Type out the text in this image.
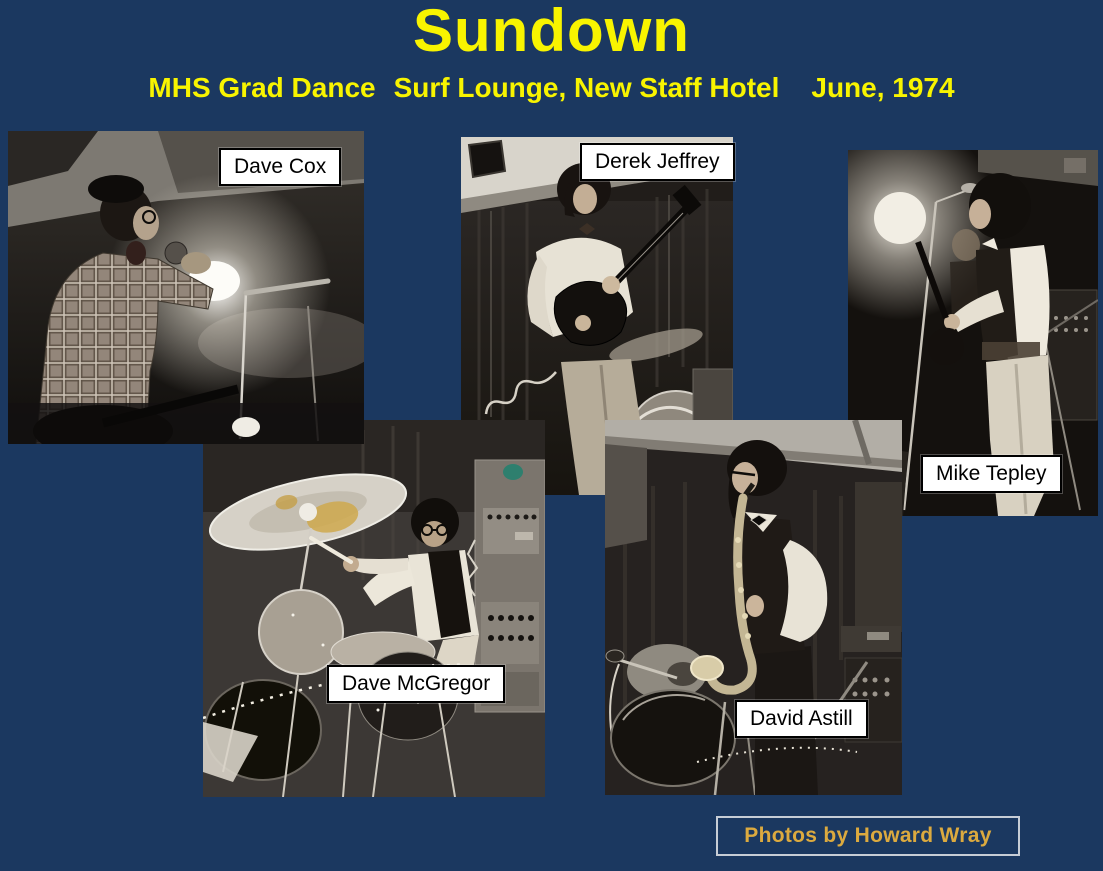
Sundown
MHS Grad Dance Surf Lounge, New Staff Hotel June, 1974
Dave Cox	Derek Jeffrey
Mike Tepley
Dave McGregor
David Astill
Photos by Howard Wray
